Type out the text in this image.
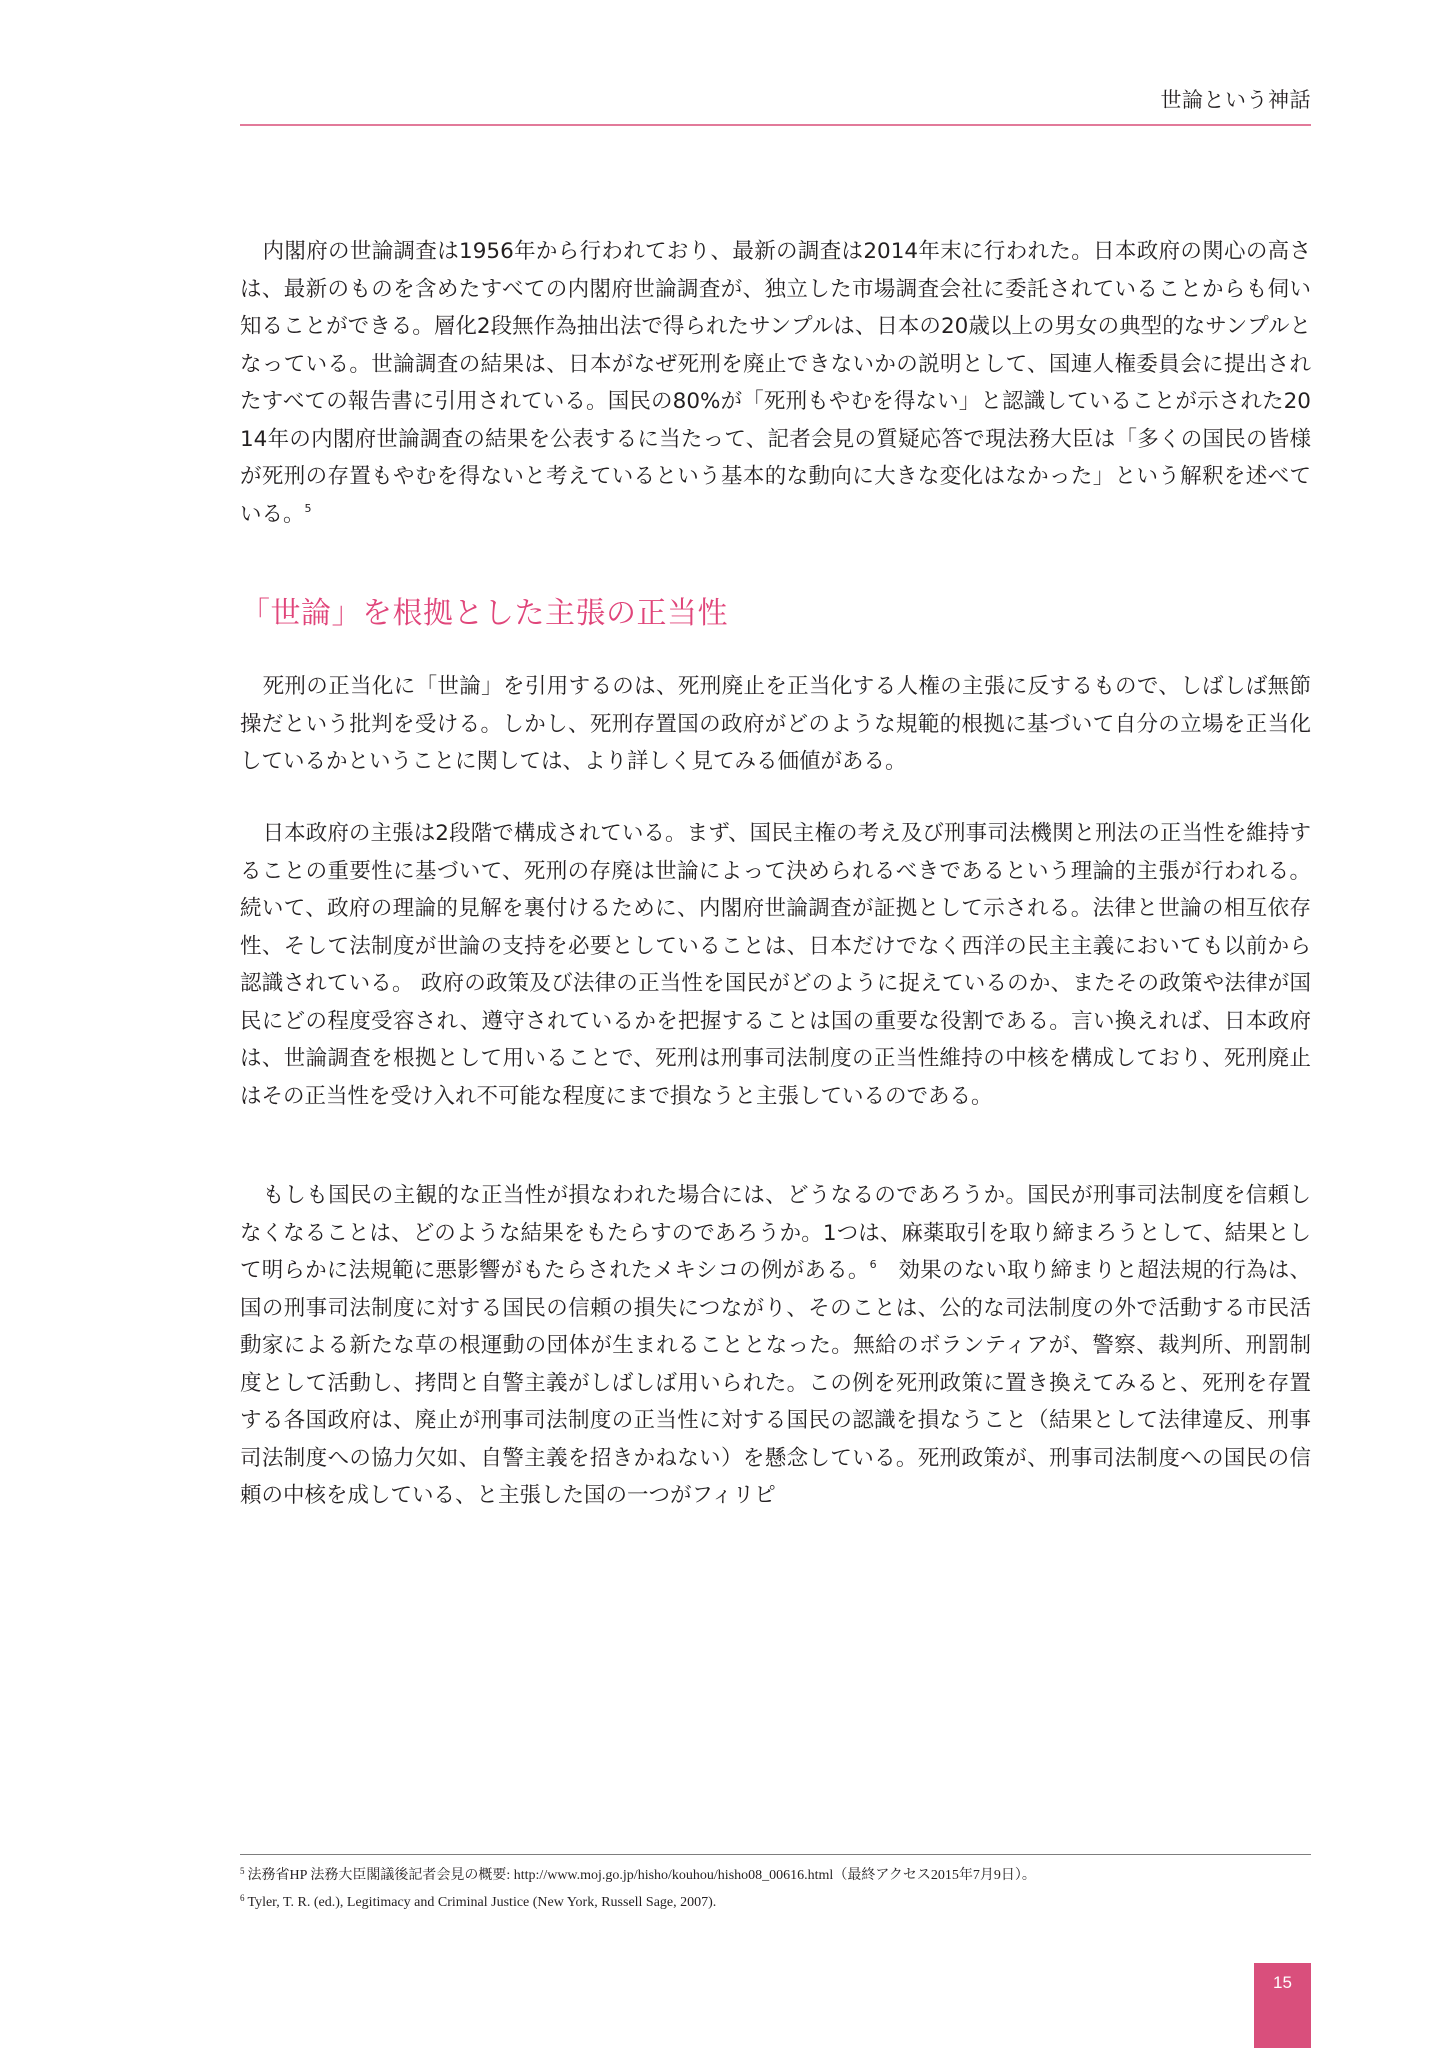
世論という神話

内閣府の世論調査は1956年から行われており、最新の調査は2014年末に行われた。日本政府の関心の高さは、最新のものを含めたすべての内閣府世論調査が、独立した市場調査会社に委託されていることからも伺い知ることができる。層化2段無作為抽出法で得られたサンプルは、日本の20歳以上の男女の典型的なサンプルとなっている。世論調査の結果は、日本がなぜ死刑を廃止できないかの説明として、国連人権委員会に提出されたすべての報告書に引用されている。国民の80%が「死刑もやむを得ない」と認識していることが示された2014年の内閣府世論調査の結果を公表するに当たって、記者会見の質疑応答で現法務大臣は「多くの国民の皆様が死刑の存置もやむを得ないと考えているという基本的な動向に大きな変化はなかった」という解釈を述べている。$^5$

「世論」を根拠とした主張の正当性

死刑の正当化に「世論」を引用するのは、死刑廃止を正当化する人権の主張に反するもので、しばしば無節操だという批判を受ける。しかし、死刑存置国の政府がどのような規範的根拠に基づいて自分の立場を正当化しているかということに関しては、より詳しく見てみる価値がある。

日本政府の主張は2段階で構成されている。まず、国民主権の考え及び刑事司法機関と刑法の正当性を維持することの重要性に基づいて、死刑の存廃は世論によって決められるべきであるという理論的主張が行われる。続いて、政府の理論的見解を裏付けるために、内閣府世論調査が証拠として示される。法律と世論の相互依存性、そして法制度が世論の支持を必要としていることは、日本だけでなく西洋の民主主義においても以前から認識されている。 政府の政策及び法律の正当性を国民がどのように捉えているのか、またその政策や法律が国民にどの程度受容され、遵守されているかを把握することは国の重要な役割である。言い換えれば、日本政府は、世論調査を根拠として用いることで、死刑は刑事司法制度の正当性維持の中核を構成しており、死刑廃止はその正当性を受け入れ不可能な程度にまで損なうと主張しているのである。

もしも国民の主観的な正当性が損なわれた場合には、どうなるのであろうか。国民が刑事司法制度を信頼しなくなることは、どのような結果をもたらすのであろうか。1つは、麻薬取引を取り締まろうとして、結果として明らかに法規範に悪影響がもたらされたメキシコの例がある。$^6$　効果のない取り締まりと超法規的行為は、国の刑事司法制度に対する国民の信頼の損失につながり、そのことは、公的な司法制度の外で活動する市民活動家による新たな草の根運動の団体が生まれることとなった。無給のボランティアが、警察、裁判所、刑罰制度として活動し、拷問と自警主義がしばしば用いられた。この例を死刑政策に置き換えてみると、死刑を存置する各国政府は、廃止が刑事司法制度の正当性に対する国民の認識を損なうこと（結果として法律違反、刑事司法制度への協力欠如、自警主義を招きかねない）を懸念している。死刑政策が、刑事司法制度への国民の信頼の中核を成している、と主張した国の一つがフィリピ

$^5$ 法務省HP 法務大臣閣議後記者会見の概要: http://www.moj.go.jp/hisho/kouhou/hisho08_00616.html（最終アクセス2015年7月9日）。

$^6$ Tyler, T. R. (ed.), Legitimacy and Criminal Justice (New York, Russell Sage, 2007).

15
